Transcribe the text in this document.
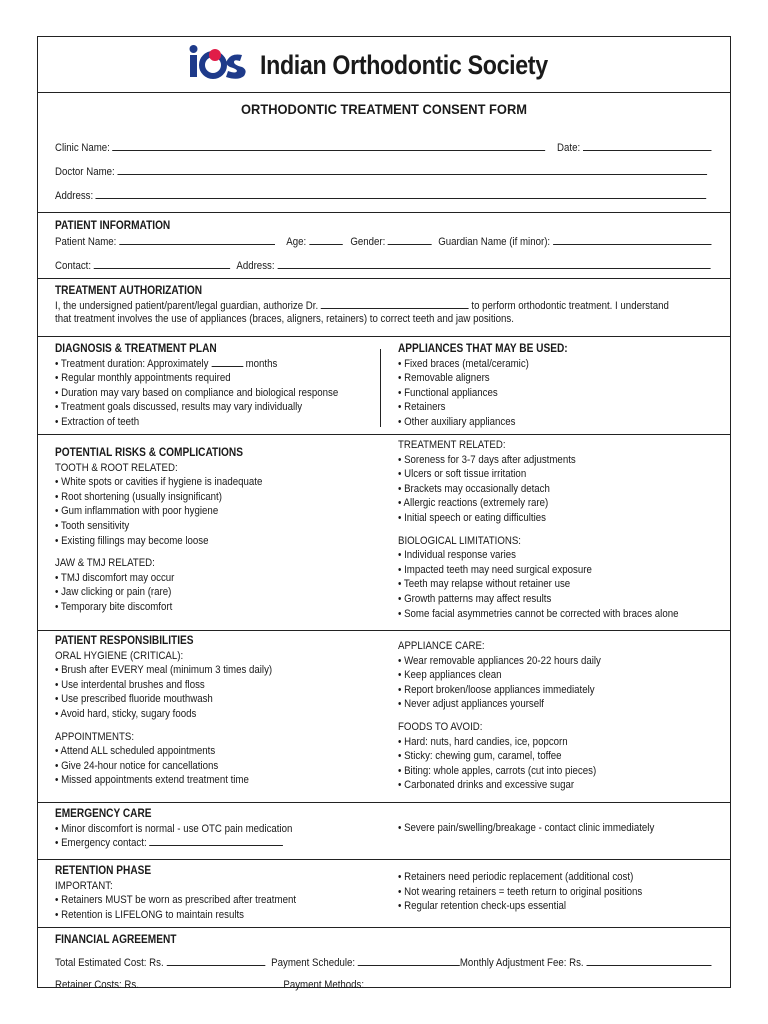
Indian Orthodontic Society
ORTHODONTIC TREATMENT CONSENT FORM
Clinic Name:	Date:
Doctor Name:
Address:
PATIENT INFORMATION
Patient Name:	Age:	Gender:	Guardian Name (if minor):
Contact:	Address:
TREATMENT AUTHORIZATION
I, the undersigned patient/parent/legal guardian, authorize Dr.	to perform orthodontic treatment. I understand
that treatment involves the use of appliances (braces, aligners, retainers) to correct teeth and jaw positions.
DIAGNOSIS & TREATMENT PLAN
• Treatment duration: Approximately	months
• Regular monthly appointments required
• Duration may vary based on compliance and biological response
• Treatment goals discussed, results may vary individually
• Extraction of teeth
APPLIANCES THAT MAY BE USED:
• Fixed braces (metal/ceramic)
• Removable aligners
• Functional appliances
• Retainers
• Other auxiliary appliances
POTENTIAL RISKS & COMPLICATIONS
TOOTH & ROOT RELATED:
• White spots or cavities if hygiene is inadequate
• Root shortening (usually insignificant)
• Gum inflammation with poor hygiene
• Tooth sensitivity
• Existing fillings may become loose
JAW & TMJ RELATED:
• TMJ discomfort may occur
• Jaw clicking or pain (rare)
• Temporary bite discomfort
TREATMENT RELATED:
• Soreness for 3-7 days after adjustments
• Ulcers or soft tissue irritation
• Brackets may occasionally detach
• Allergic reactions (extremely rare)
• Initial speech or eating difficulties
BIOLOGICAL LIMITATIONS:
• Individual response varies
• Impacted teeth may need surgical exposure
• Teeth may relapse without retainer use
• Growth patterns may affect results
• Some facial asymmetries cannot be corrected with braces alone
PATIENT RESPONSIBILITIES
ORAL HYGIENE (CRITICAL):
• Brush after EVERY meal (minimum 3 times daily)
• Use interdental brushes and floss
• Use prescribed fluoride mouthwash
• Avoid hard, sticky, sugary foods
APPOINTMENTS:
• Attend ALL scheduled appointments
• Give 24-hour notice for cancellations
• Missed appointments extend treatment time
APPLIANCE CARE:
• Wear removable appliances 20-22 hours daily
• Keep appliances clean
• Report broken/loose appliances immediately
• Never adjust appliances yourself
FOODS TO AVOID:
• Hard: nuts, hard candies, ice, popcorn
• Sticky: chewing gum, caramel, toffee
• Biting: whole apples, carrots (cut into pieces)
• Carbonated drinks and excessive sugar
EMERGENCY CARE
• Minor discomfort is normal - use OTC pain medication
• Emergency contact:
• Severe pain/swelling/breakage - contact clinic immediately
RETENTION PHASE
IMPORTANT:
• Retainers MUST be worn as prescribed after treatment
• Retention is LIFELONG to maintain results
• Retainers need periodic replacement (additional cost)
• Not wearing retainers = teeth return to original positions
• Regular retention check-ups essential
FINANCIAL AGREEMENT
Total Estimated Cost: Rs.	Payment Schedule:	Monthly Adjustment Fee: Rs.
Retainer Costs: Rs.	Payment Methods:
